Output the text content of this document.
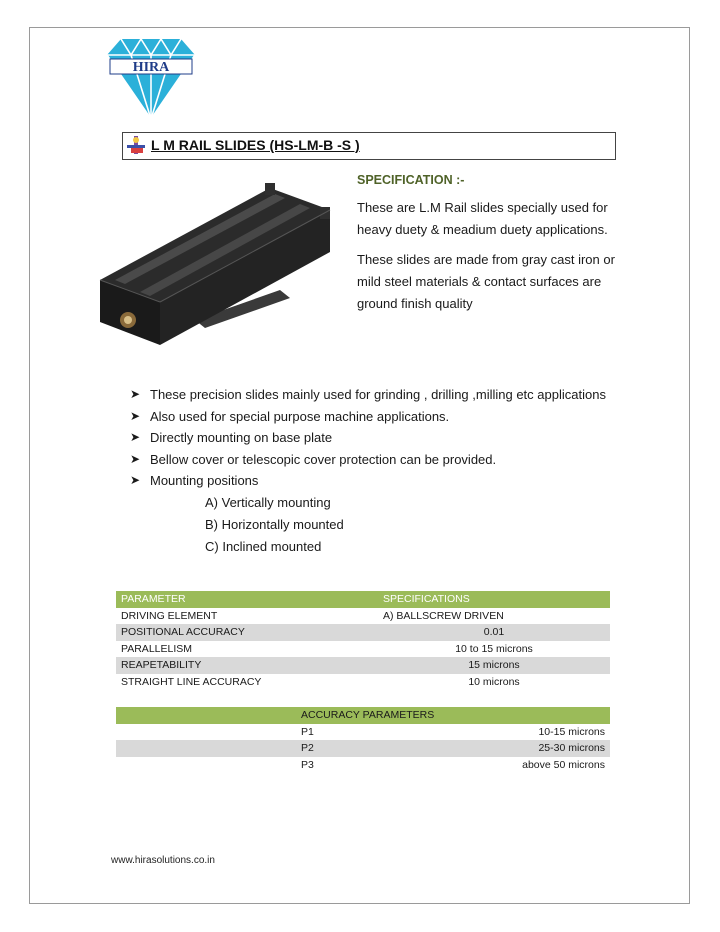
HIRA
L M RAIL SLIDES (HS-LM-B -S )
SPECIFICATION :-

These are L.M Rail slides specially used for heavy duety & meadium duety applications.

These slides are made from gray cast iron or mild steel materials & contact surfaces are ground finish quality

➤ These precision slides mainly used for grinding , drilling ,milling etc applications
➤ Also used for special purpose machine applications.
➤ Directly mounting on base plate
➤ Bellow cover or telescopic cover protection can be provided.
➤ Mounting positions
A) Vertically mounting
B) Horizontally mounted
C) Inclined mounted
PARAMETER	SPECIFICATIONS
DRIVING ELEMENT	A) BALLSCREW DRIVEN
POSITIONAL ACCURACY	0.01
PARALLELISM	10 to 15 microns
REAPETABILITY	15 microns
STRAIGHT LINE ACCURACY	10 microns
	ACCURACY PARAMETERS	
	P1	10-15 microns
	P2	25-30 microns
	P3	above 50 microns
www.hirasolutions.co.in
